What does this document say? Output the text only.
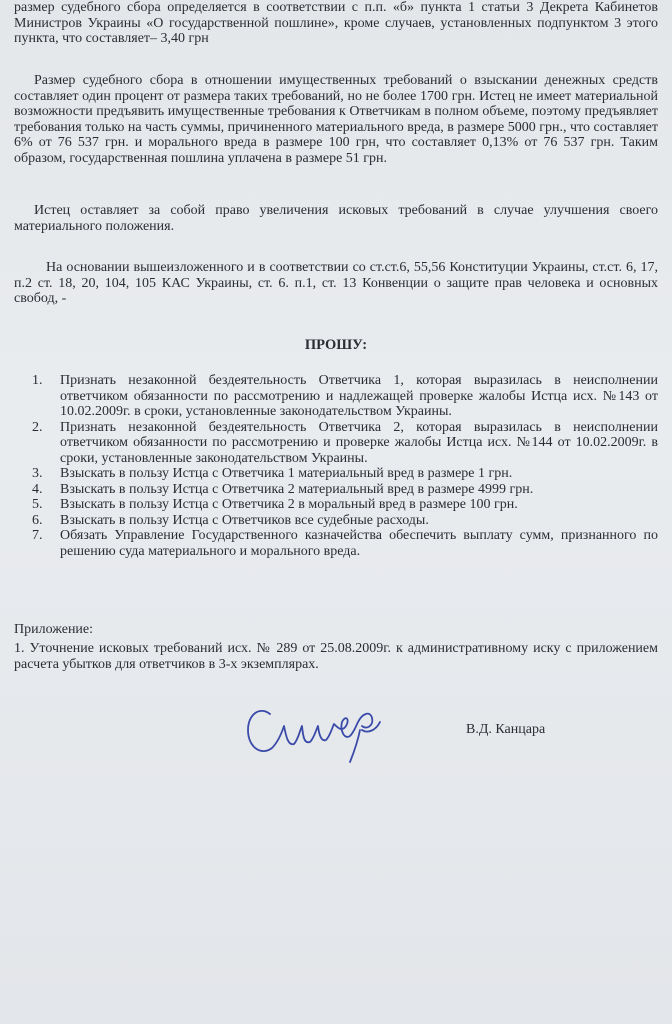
размер судебного сбора определяется в соответствии с п.п. «б» пункта 1 статьи 3 Декрета Кабинетов Министров Украины «О государственной пошлине», кроме случаев, установленных подпунктом 3 этого пункта, что составляет– 3,40 грн

Размер судебного сбора в отношении имущественных требований о взыскании денежных средств составляет один процент от размера таких требований, но не более 1700 грн. Истец не имеет материальной возможности предъявить имущественные требования к Ответчикам в полном объеме, поэтому предъявляет требования только на часть суммы, причиненного материального вреда, в размере 5000 грн., что составляет 6% от 76 537 грн. и морального вреда в размере 100 грн, что составляет 0,13% от 76 537 грн. Таким образом, государственная пошлина уплачена в размере 51 грн.

Истец оставляет за собой право увеличения исковых требований в случае улучшения своего материального положения.

На основании вышеизложенного и в соответствии со ст.ст.6, 55,56 Конституции Украины, ст.ст. 6, 17, п.2 ст. 18, 20, 104, 105 КАС Украины, ст. 6. п.1, ст. 13 Конвенции о защите прав человека и основных свобод, -

ПРОШУ:

1. Признать незаконной бездеятельность Ответчика 1, которая выразилась в неисполнении ответчиком обязанности по рассмотрению и надлежащей проверке жалобы Истца исх. №143 от 10.02.2009г. в сроки, установленные законодательством Украины.
2. Признать незаконной бездеятельность Ответчика 2, которая выразилась в неисполнении ответчиком обязанности по рассмотрению и проверке жалобы Истца исх. №144 от 10.02.2009г. в сроки, установленные законодательством Украины.
3. Взыскать в пользу Истца с Ответчика 1 материальный вред в размере 1 грн.
4. Взыскать в пользу Истца с Ответчика 2 материальный вред в размере 4999 грн.
5. Взыскать в пользу Истца с Ответчика 2 в моральный вред в размере 100 грн.
6. Взыскать в пользу Истца с Ответчиков все судебные расходы.
7. Обязать Управление Государственного казначейства обеспечить выплату сумм, признанного по решению суда материального и морального вреда.

Приложение:

1. Уточнение исковых требований исх. № 289 от 25.08.2009г. к административному иску с приложением расчета убытков для ответчиков в 3-х экземплярах.

В.Д. Канцара
